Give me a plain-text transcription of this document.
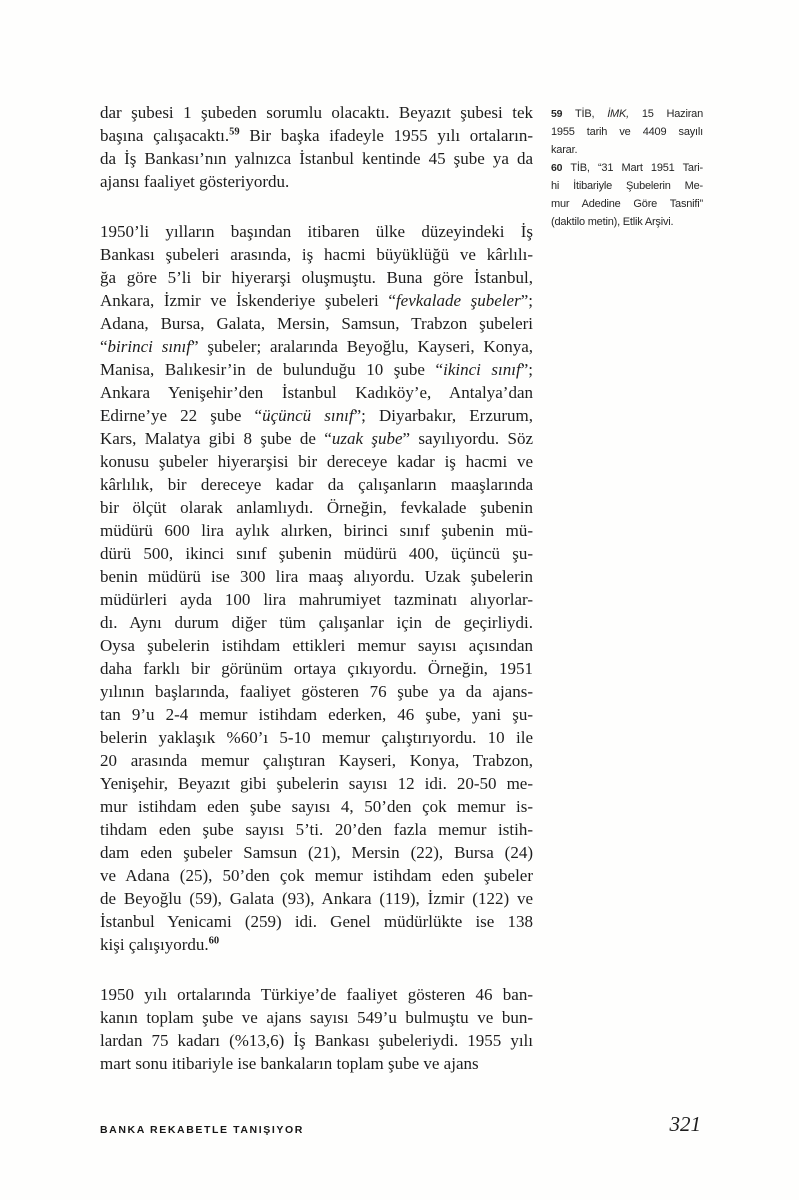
dar şubesi 1 şubeden sorumlu olacaktı. Beyazıt şubesi tek
başına çalışacaktı.$^{59}$ Bir başka ifadeyle 1955 yılı ortaların-
da İş Bankası’nın yalnızca İstanbul kentinde 45 şube ya da
ajansı faaliyet gösteriyordu.
1950’li yılların başından itibaren ülke düzeyindeki İş
Bankası şubeleri arasında, iş hacmi büyüklüğü ve kârlılı-
ğa göre 5’li bir hiyerarşi oluşmuştu. Buna göre İstanbul,
Ankara, İzmir ve İskenderiye şubeleri “fevkalade şubeler”;
Adana, Bursa, Galata, Mersin, Samsun, Trabzon şubeleri
“birinci sınıf” şubeler; aralarında Beyoğlu, Kayseri, Konya,
Manisa, Balıkesir’in de bulunduğu 10 şube “ikinci sınıf”;
Ankara Yenişehir’den İstanbul Kadıköy’e, Antalya’dan
Edirne’ye 22 şube “üçüncü sınıf”; Diyarbakır, Erzurum,
Kars, Malatya gibi 8 şube de “uzak şube” sayılıyordu. Söz
konusu şubeler hiyerarşisi bir dereceye kadar iş hacmi ve
kârlılık, bir dereceye kadar da çalışanların maaşlarında
bir ölçüt olarak anlamlıydı. Örneğin, fevkalade şubenin
müdürü 600 lira aylık alırken, birinci sınıf şubenin mü-
dürü 500, ikinci sınıf şubenin müdürü 400, üçüncü şu-
benin müdürü ise 300 lira maaş alıyordu. Uzak şubelerin
müdürleri ayda 100 lira mahrumiyet tazminatı alıyorlar-
dı. Aynı durum diğer tüm çalışanlar için de geçirliydi.
Oysa şubelerin istihdam ettikleri memur sayısı açısından
daha farklı bir görünüm ortaya çıkıyordu. Örneğin, 1951
yılının başlarında, faaliyet gösteren 76 şube ya da ajans-
tan 9’u 2-4 memur istihdam ederken, 46 şube, yani şu-
belerin yaklaşık %60’ı 5-10 memur çalıştırıyordu. 10 ile
20 arasında memur çalıştıran Kayseri, Konya, Trabzon,
Yenişehir, Beyazıt gibi şubelerin sayısı 12 idi. 20-50 me-
mur istihdam eden şube sayısı 4, 50’den çok memur is-
tihdam eden şube sayısı 5’ti. 20’den fazla memur istih-
dam eden şubeler Samsun (21), Mersin (22), Bursa (24)
ve Adana (25), 50’den çok memur istihdam eden şubeler
de Beyoğlu (59), Galata (93), Ankara (119), İzmir (122) ve
İstanbul Yenicami (259) idi. Genel müdürlükte ise 138
kişi çalışıyordu.$^{60}$
1950 yılı ortalarında Türkiye’de faaliyet gösteren 46 ban-
kanın toplam şube ve ajans sayısı 549’u bulmuştu ve bun-
lardan 75 kadarı (%13,6) İş Bankası şubeleriydi. 1955 yılı
mart sonu itibariyle ise bankaların toplam şube ve ajans
59 TİB, İMK, 15 Haziran
1955 tarih ve 4409 sayılı
karar.
60 TİB, “31 Mart 1951 Tari-
hi İtibariyle Şubelerin Me-
mur Adedine Göre Tasnifi”
(daktilo metin), Etlik Arşivi.
BANKA REKABETLE TANIŞIYOR	321
